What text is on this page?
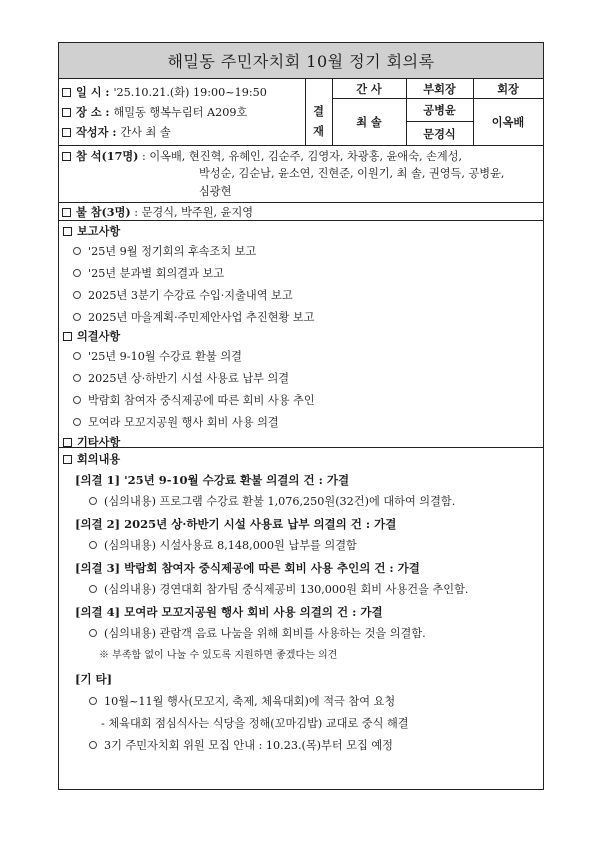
해밀동 주민자치회 10월 정기 회의록
일 시 : '25.10.21.(화) 19:00~19:50
장 소 : 해밀동 행복누림터 A209호
작성자 : 간사 최 솔
결
재
간 사	부회장	회장
최 솔
공병윤
문경식
이옥배
참 석(17명) : 이옥배, 현진혁, 유혜인, 김순주, 김영자, 차광홍, 윤애숙, 손계성,
박성순, 김순남, 윤소연, 진현준, 이원기, 최 솔, 권영득, 공병윤,
심광현
불 참(3명) : 문경식, 박주원, 윤지영
보고사항
'25년 9월 정기회의 후속조치 보고
'25년 분과별 회의결과 보고
2025년 3분기 수강료 수입·지출내역 보고
2025년 마을계획·주민제안사업 추진현황 보고
의결사항
'25년 9-10월 수강료 환불 의결
2025년 상·하반기 시설 사용료 납부 의결
박람회 참여자 중식제공에 따른 회비 사용 추인
모여라 모꼬지공원 행사 회비 사용 의결
기타사항
회의내용
[의결 1] '25년 9-10월 수강료 환불 의결의 건 : 가결
(심의내용) 프로그램 수강료 환불 1,076,250원(32건)에 대하여 의결함.
[의결 2] 2025년 상·하반기 시설 사용료 납부 의결의 건 : 가결
(심의내용) 시설사용료 8,148,000원 납부를 의결함
[의결 3] 박람회 참여자 중식제공에 따른 회비 사용 추인의 건 : 가결
(심의내용) 경연대회 참가팀 중식제공비 130,000원 회비 사용건을 추인함.
[의결 4] 모여라 모꼬지공원 행사 회비 사용 의결의 건 : 가결
(심의내용) 관람객 음료 나눔을 위해 회비를 사용하는 것을 의결함.
※ 부족함 없이 나눌 수 있도록 지원하면 좋겠다는 의견
[기 타]
10월~11월 행사(모꼬지, 축제, 체육대회)에 적극 참여 요청
- 체육대회 점심식사는 식당을 정해(꼬마김밥) 교대로 중식 해결
3기 주민자치회 위원 모집 안내 : 10.23.(목)부터 모집 예정
